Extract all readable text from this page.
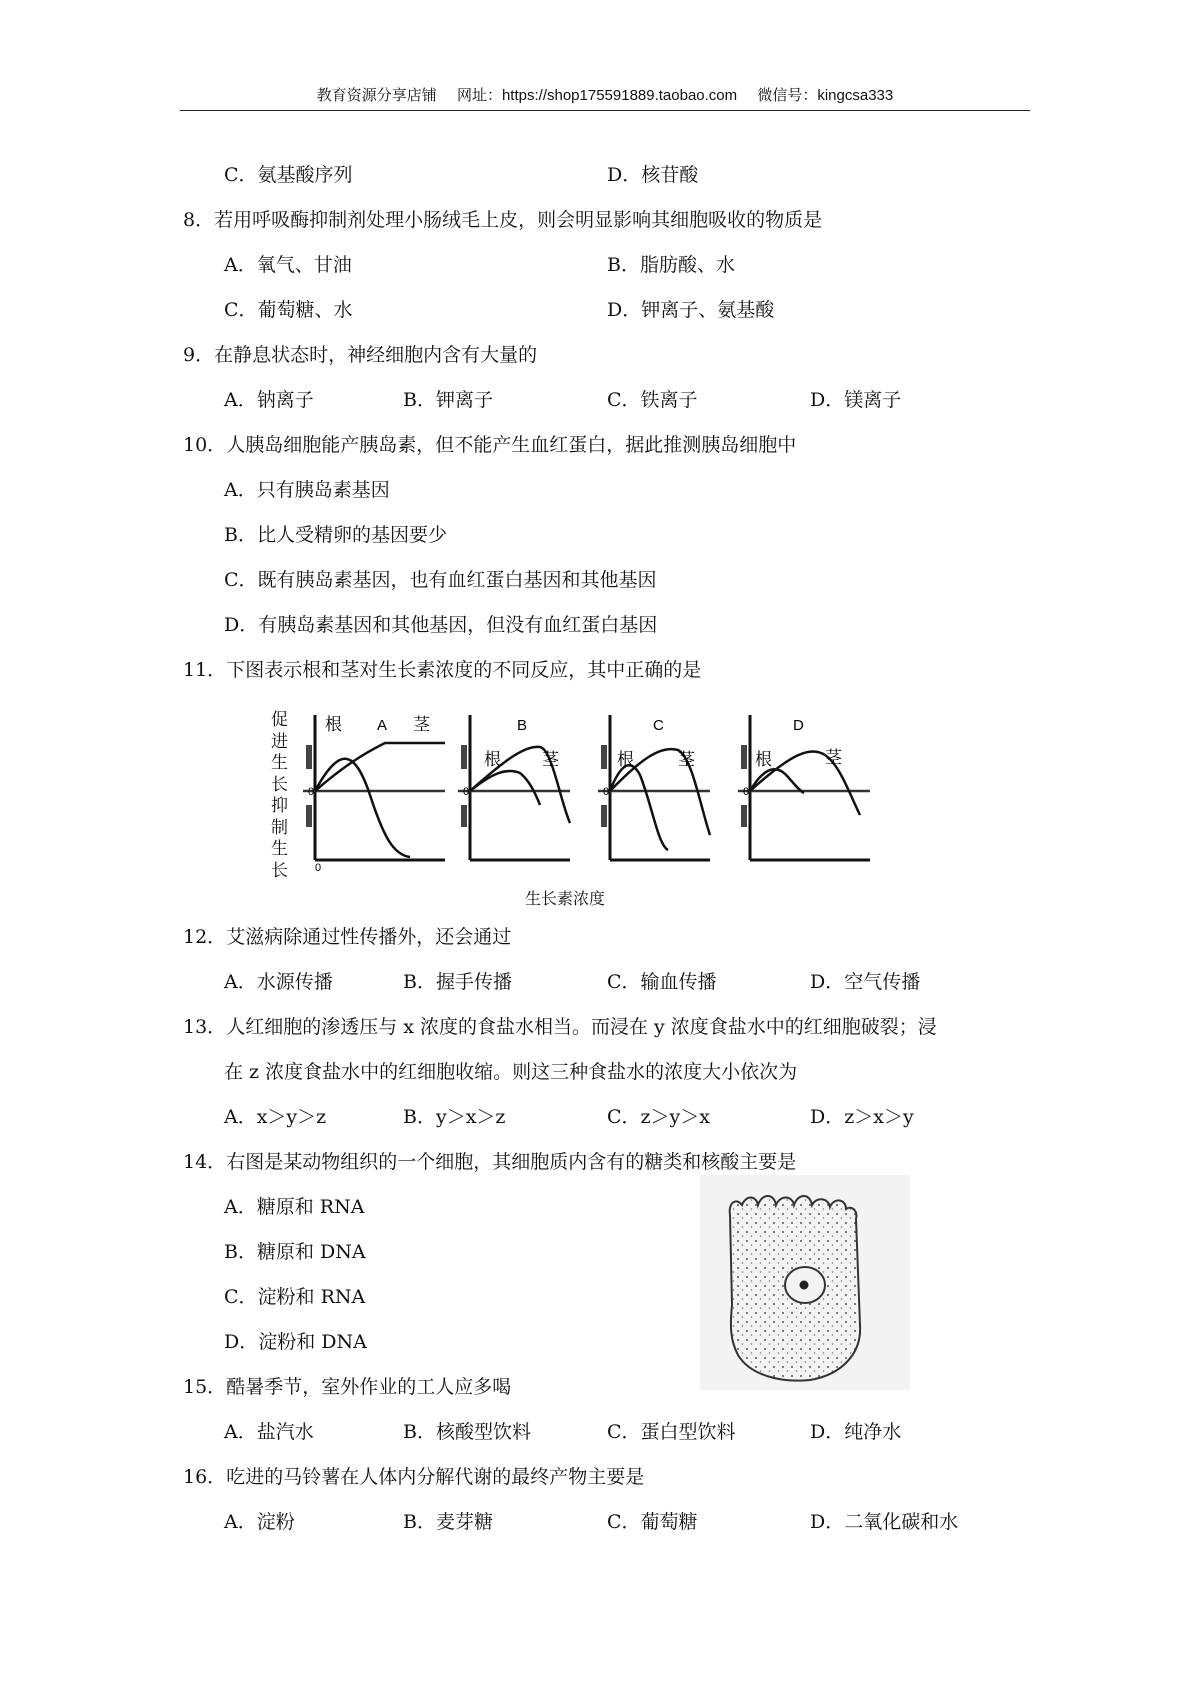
教育资源分享店铺 网址：https://shop175591889.taobao.com 微信号：kingcsa333
C．氨基酸序列	D．核苷酸
8．若用呼吸酶抑制剂处理小肠绒毛上皮，则会明显影响其细胞吸收的物质是
A．氧气、甘油	B．脂肪酸、水
C．葡萄糖、水	D．钾离子、氨基酸
9．在静息状态时，神经细胞内含有大量的
A．钠离子	B．钾离子	C．铁离子	D．镁离子
10．人胰岛细胞能产胰岛素，但不能产生血红蛋白，据此推测胰岛细胞中
A．只有胰岛素基因
B．比人受精卵的基因要少
C．既有胰岛素基因，也有血红蛋白基因和其他基因
D．有胰岛素基因和其他基因，但没有血红蛋白基因
11．下图表示根和茎对生长素浓度的不同反应，其中正确的是
促进生长抑制生长
0
0
根 A 茎
0
根
B
茎
0
根
C
茎
0
根
D
茎
生长素浓度
12．艾滋病除通过性传播外，还会通过
A．水源传播	B．握手传播	C．输血传播	D．空气传播
13．人红细胞的渗透压与 x 浓度的食盐水相当。而浸在 y 浓度食盐水中的红细胞破裂；浸
在 z 浓度食盐水中的红细胞收缩。则这三种食盐水的浓度大小依次为
A．x＞y＞z	B．y＞x＞z	C．z＞y＞x	D．z＞x＞y
14．右图是某动物组织的一个细胞，其细胞质内含有的糖类和核酸主要是
A．糖原和 RNA
B．糖原和 DNA
C．淀粉和 RNA
D．淀粉和 DNA
15．酷暑季节，室外作业的工人应多喝
A．盐汽水	B．核酸型饮料	C．蛋白型饮料	D．纯净水
16．吃进的马铃薯在人体内分解代谢的最终产物主要是
A．淀粉	B．麦芽糖	C．葡萄糖	D．二氧化碳和水
